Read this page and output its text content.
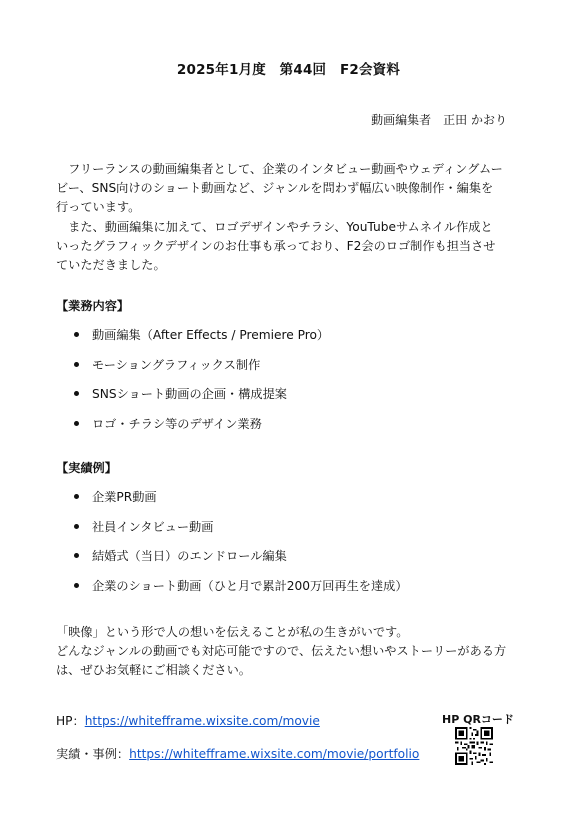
2025年1月度　第44回　F2会資料
動画編集者　正田 かおり

　フリーランスの動画編集者として、企業のインタビュー動画やウェディングムー
ビー、SNS向けのショート動画など、ジャンルを問わず幅広い映像制作・編集を
行っています。

　また、動画編集に加えて、ロゴデザインやチラシ、YouTubeサムネイル作成と
いったグラフィックデザインのお仕事も承っており、F2会のロゴ制作も担当させ
ていただきました。

【業務内容】
動画編集（After Effects / Premiere Pro）
モーショングラフィックス制作
SNSショート動画の企画・構成提案
ロゴ・チラシ等のデザイン業務
【実績例】
企業PR動画
社員インタビュー動画
結婚式（当日）のエンドロール編集
企業のショート動画（ひと月で累計200万回再生を達成）

「映像」という形で人の想いを伝えることが私の生きがいです。
どんなジャンルの動画でも対応可能ですので、伝えたい想いやストーリーがある方
は、ぜひお気軽にご相談ください。

HP：https://whitefframe.wixsite.com/movie
実績・事例：https://whitefframe.wixsite.com/movie/portfolio
HP QRコード
